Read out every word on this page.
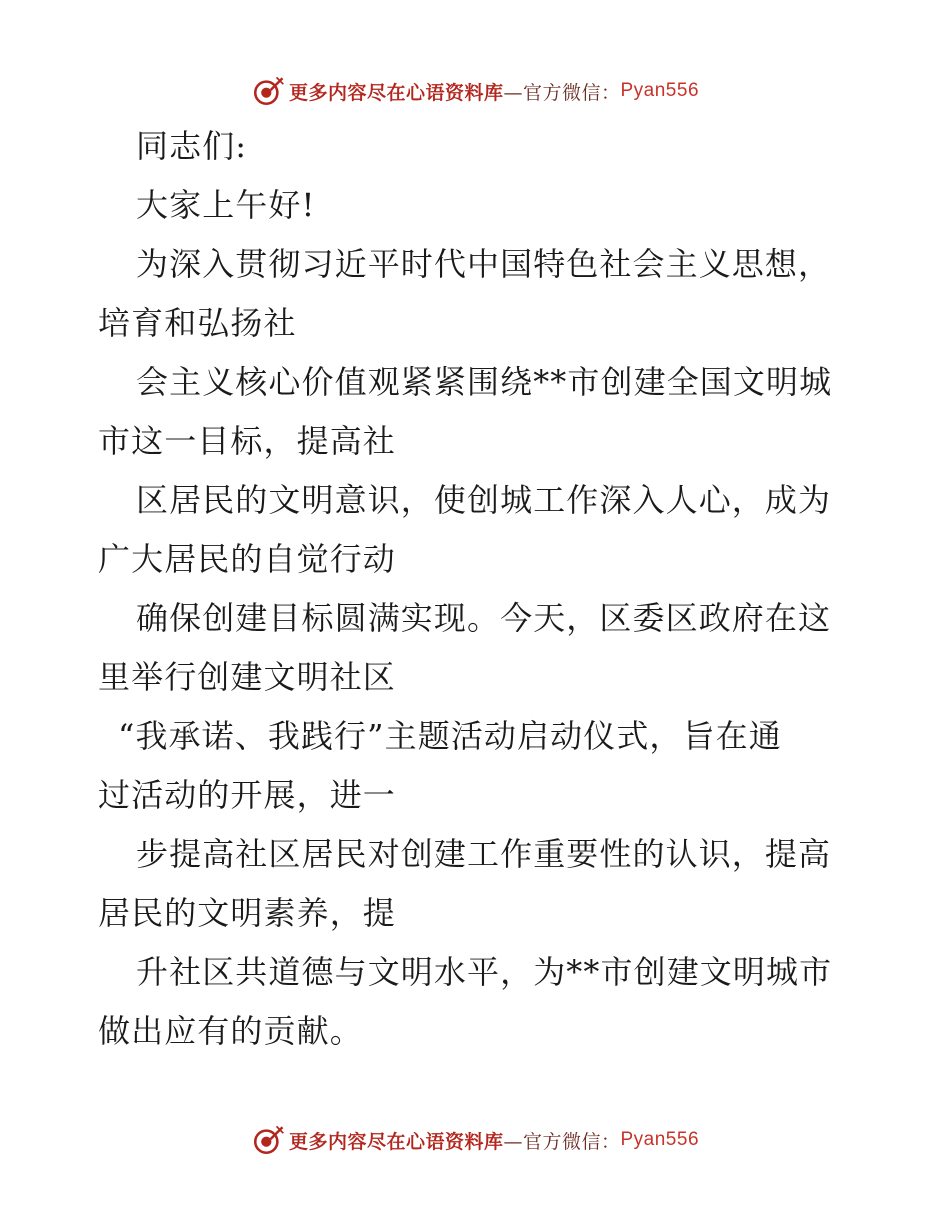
更多内容尽在心语资料库 —官方微信： Pyan556
同志们:
大家上午好!
为深入贯彻习近平时代中国特色社会主义思想，
培育和弘扬社
会主义核心价值观紧紧围绕**市创建全国文明城
市这一目标，提高社
区居民的文明意识，使创城工作深入人心，成为
广大居民的自觉行动
确保创建目标圆满实现。今天，区委区政府在这
里举行创建文明社区
“我承诺、我践行”主题活动启动仪式，旨在通
过活动的开展，进一
步提高社区居民对创建工作重要性的认识，提高
居民的文明素养，提
升社区共道德与文明水平，为**市创建文明城市
做出应有的贡献。
更多内容尽在心语资料库 —官方微信： Pyan556
